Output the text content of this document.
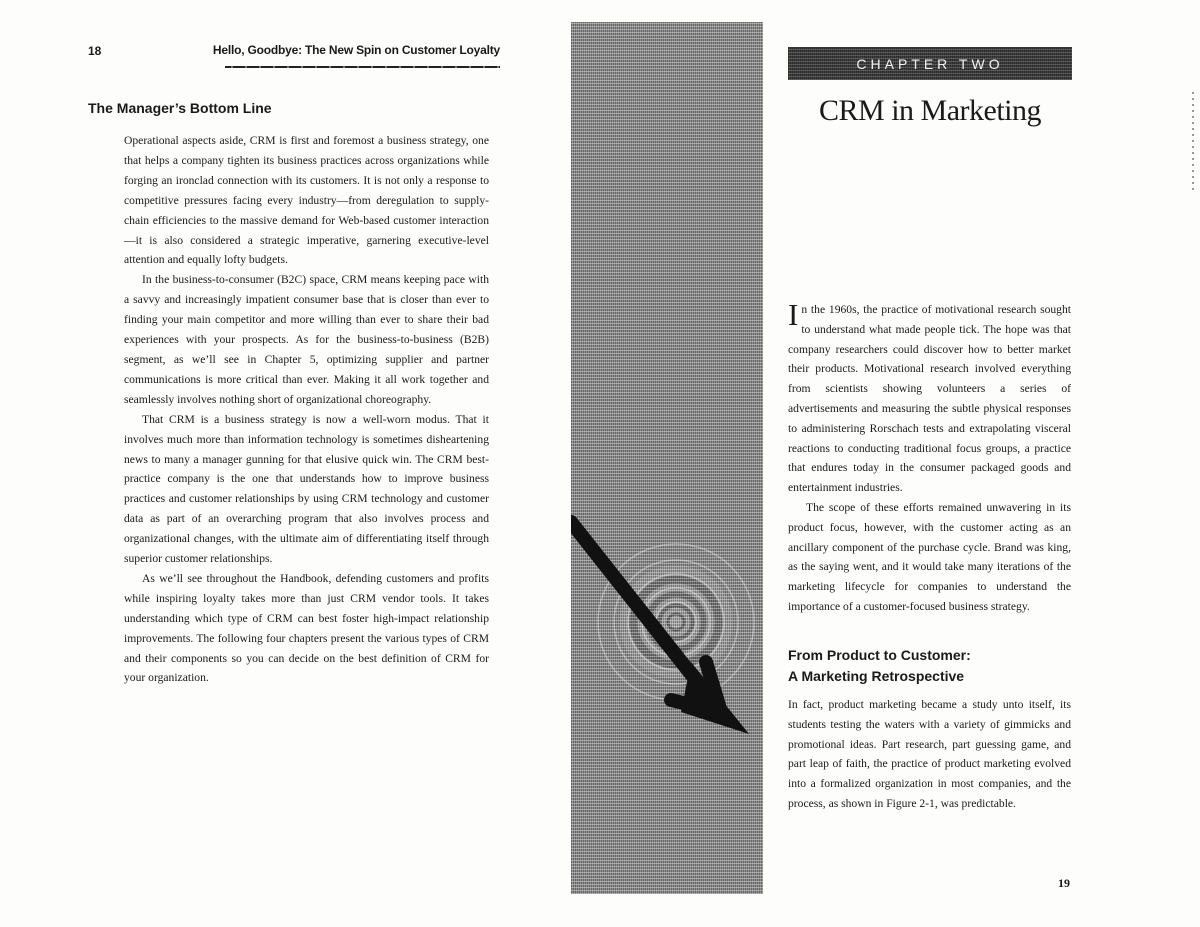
18	Hello, Goodbye: The New Spin on Customer Loyalty
The Manager’s Bottom Line

Operational aspects aside, CRM is first and foremost a business strategy, one that helps a company tighten its business practices across organizations while forging an ironclad connection with its customers. It is not only a response to competitive pressures facing every industry—from deregulation to supply-chain efficiencies to the massive demand for Web-based customer interaction—it is also considered a strategic imperative, garnering executive-level attention and equally lofty budgets.

In the business-to-consumer (B2C) space, CRM means keeping pace with a savvy and increasingly impatient consumer base that is closer than ever to finding your main competitor and more willing than ever to share their bad experiences with your prospects. As for the business-to-business (B2B) segment, as we’ll see in Chapter 5, optimizing supplier and partner communications is more critical than ever. Making it all work together and seamlessly involves nothing short of organizational choreography.

That CRM is a business strategy is now a well-worn modus. That it involves much more than information technology is sometimes disheartening news to many a manager gunning for that elusive quick win. The CRM best-practice company is the one that understands how to improve business practices and customer relationships by using CRM technology and customer data as part of an overarching program that also involves process and organizational changes, with the ultimate aim of differentiating itself through superior customer relationships.

As we’ll see throughout the Handbook, defending customers and profits while inspiring loyalty takes more than just CRM vendor tools. It takes understanding which type of CRM can best foster high-impact relationship improvements. The following four chapters present the various types of CRM and their components so you can decide on the best definition of CRM for your organization.

CHAPTER TWO
CRM in Marketing

In the 1960s, the practice of motivational research sought to understand what made people tick. The hope was that company researchers could discover how to better market their products. Motivational research involved everything from scientists showing volunteers a series of advertisements and measuring the subtle physical responses to administering Rorschach tests and extrapolating visceral reactions to conducting traditional focus groups, a practice that endures today in the consumer packaged goods and entertainment industries.

The scope of these efforts remained unwavering in its product focus, however, with the customer acting as an ancillary component of the purchase cycle. Brand was king, as the saying went, and it would take many iterations of the marketing lifecycle for companies to understand the importance of a customer-focused business strategy.

From Product to Customer:
A Marketing Retrospective

In fact, product marketing became a study unto itself, its students testing the waters with a variety of gimmicks and promotional ideas. Part research, part guessing game, and part leap of faith, the practice of product marketing evolved into a formalized organization in most companies, and the process, as shown in Figure 2-1, was predictable.

19
